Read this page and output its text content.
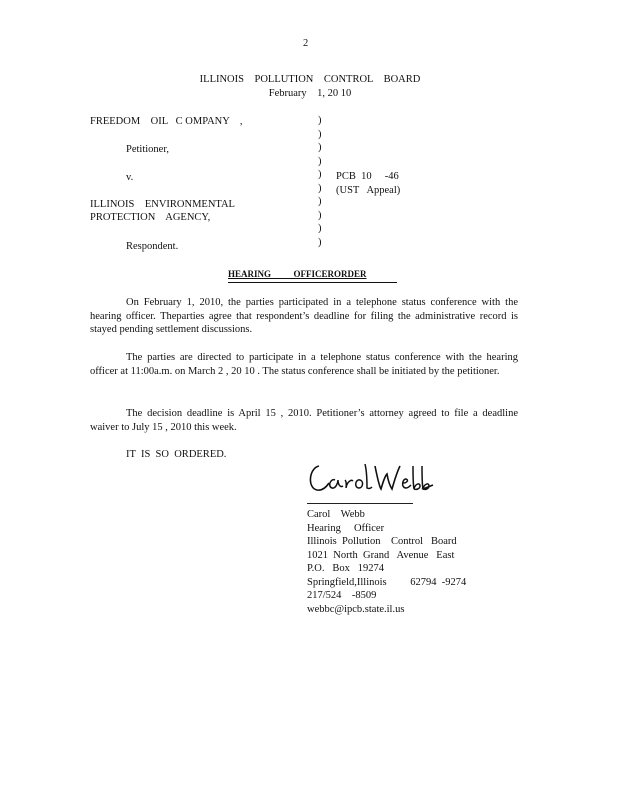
2
ILLINOIS    POLLUTION    CONTROL    BOARD
February    1, 20 10
FREEDOM    OIL   C OMPANY    ,
Petitioner,
v.
ILLINOIS    ENVIRONMENTAL
PROTECTION    AGENCY,
Respondent.
)
)
)
)
)
)
)
)
)
)
PCB  10     -46
(UST   Appeal)
HEARING          OFFICERORDER
On February 1, 2010, the parties participated in a telephone status conference with the hearing officer. Theparties agree that respondent’s deadline for filing the administrative record is stayed pending settlement discussions.
The parties are directed to participate in a telephone status conference with the hearing officer at 11:00a.m. on March 2 , 20 10 . The status conference shall be initiated by the petitioner.
The decision deadline is April 15 , 2010. Petitioner’s attorney agreed to file a deadline waiver to July 15 , 2010 this week.
IT  IS  SO  ORDERED.
Carol    Webb
Hearing     Officer
Illinois  Pollution    Control   Board
1021  North  Grand   Avenue   East
P.O.   Box   19274
Springfield,Illinois         62794  -9274
217/524    -8509
webbc@ipcb.state.il.us
